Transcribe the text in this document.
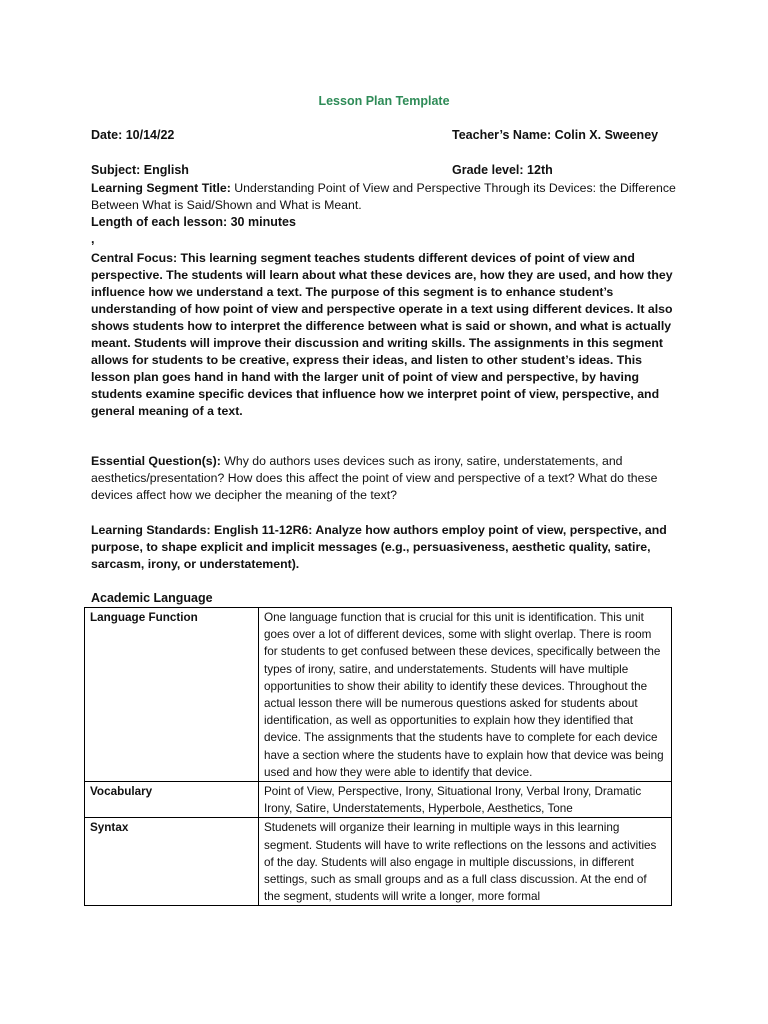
Lesson Plan Template
Date: 10/14/22	Teacher’s Name: Colin X. Sweeney
Subject: English	Grade level: 12th
Learning Segment Title: Understanding Point of View and Perspective Through its Devices: the Difference Between What is Said/Shown and What is Meant.
Length of each lesson: 30 minutes
,
Central Focus: This learning segment teaches students different devices of point of view and perspective. The students will learn about what these devices are, how they are used, and how they influence how we understand a text. The purpose of this segment is to enhance student’s understanding of how point of view and perspective operate in a text using different devices. It also shows students how to interpret the difference between what is said or shown, and what is actually meant. Students will improve their discussion and writing skills. The assignments in this segment allows for students to be creative, express their ideas, and listen to other student’s ideas. This lesson plan goes hand in hand with the larger unit of point of view and perspective, by having students examine specific devices that influence how we interpret point of view, perspective, and general meaning of a text.
Essential Question(s): Why do authors uses devices such as irony, satire, understatements, and aesthetics/presentation? How does this affect the point of view and perspective of a text? What do these devices affect how we decipher the meaning of the text?
Learning Standards: English 11-12R6: Analyze how authors employ point of view, perspective, and purpose, to shape explicit and implicit messages (e.g., persuasiveness, aesthetic quality, satire, sarcasm, irony, or understatement).
Academic Language
Language Function	One language function that is crucial for this unit is identification. This unit goes over a lot of different devices, some with slight overlap. There is room for students to get confused between these devices, specifically between the types of irony, satire, and understatements. Students will have multiple opportunities to show their ability to identify these devices. Throughout the actual lesson there will be numerous questions asked for students about identification, as well as opportunities to explain how they identified that device. The assignments that the students have to complete for each device have a section where the students have to explain how that device was being used and how they were able to identify that device.
Vocabulary	Point of View, Perspective, Irony, Situational Irony, Verbal Irony, Dramatic Irony, Satire, Understatements, Hyperbole, Aesthetics, Tone
Syntax	Studenets will organize their learning in multiple ways in this learning segment. Students will have to write reflections on the lessons and activities of the day. Students will also engage in multiple discussions, in different settings, such as small groups and as a full class discussion. At the end of the segment, students will write a longer, more formal
